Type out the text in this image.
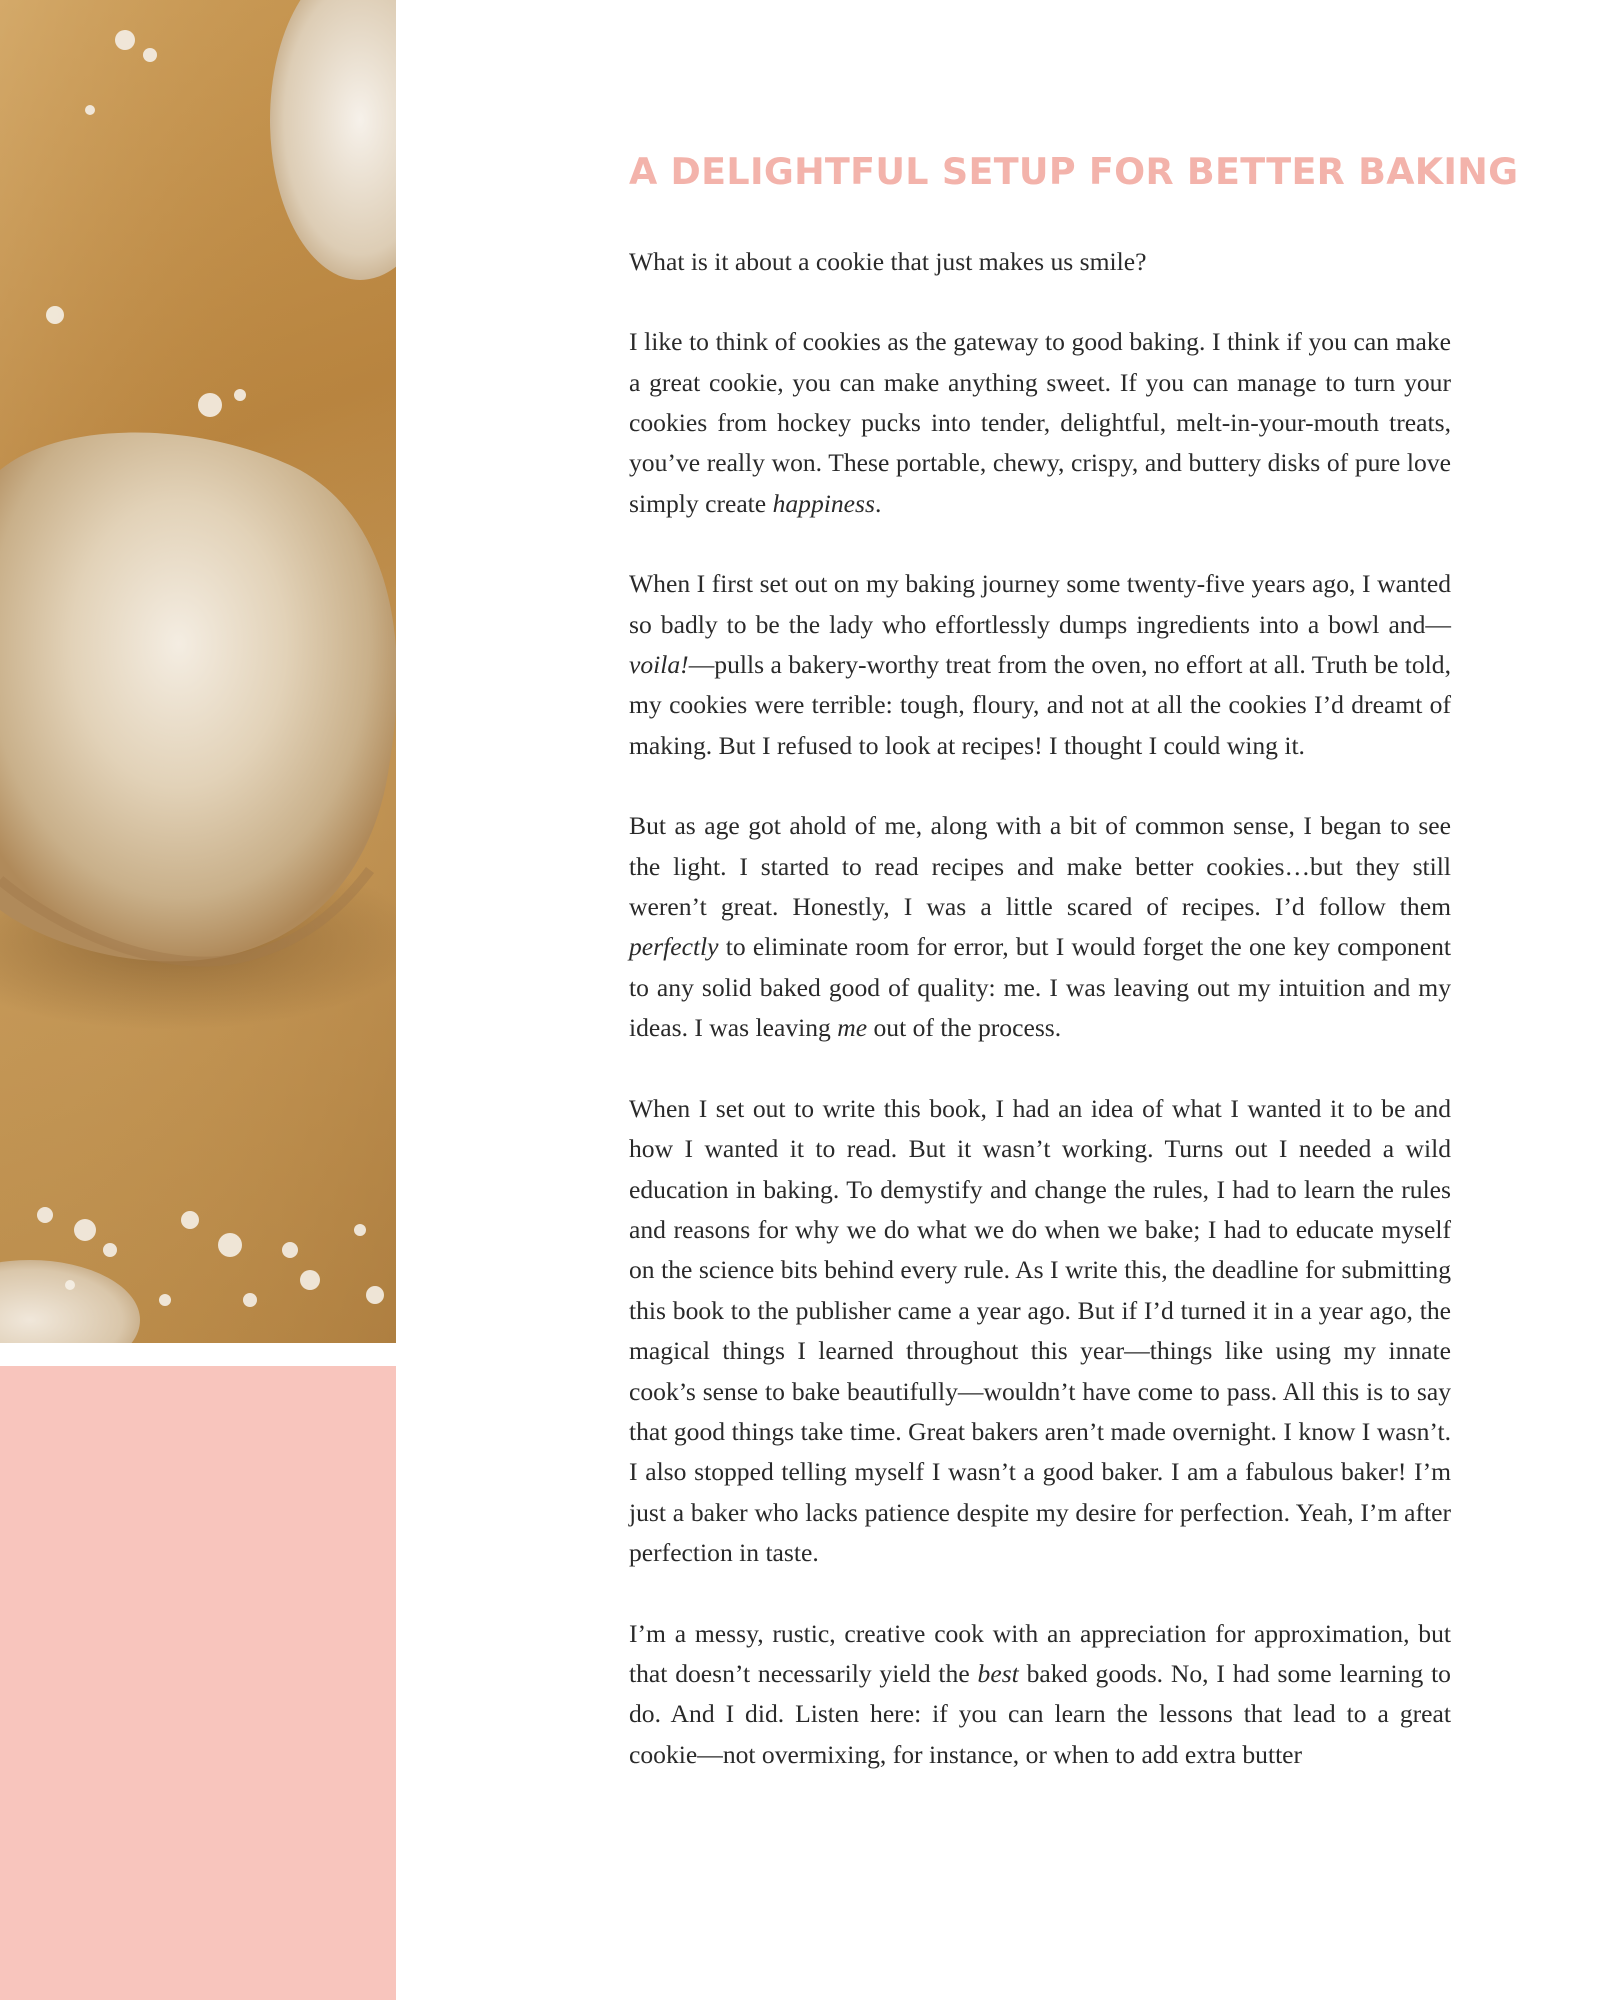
A DELIGHTFUL SETUP FOR BETTER BAKING

What is it about a cookie that just makes us smile?

I like to think of cookies as the gateway to good baking. I think if you can make a great cookie, you can make anything sweet. If you can manage to turn your cookies from hockey pucks into tender, delightful, melt-in-your-mouth treats, you’ve really won. These portable, chewy, crispy, and buttery disks of pure love simply create happiness.

When I first set out on my baking journey some twenty-five years ago, I wanted so badly to be the lady who effortlessly dumps ingredients into a bowl and—voila!—pulls a bakery-worthy treat from the oven, no effort at all. Truth be told, my cookies were terrible: tough, floury, and not at all the cookies I’d dreamt of making. But I refused to look at recipes! I thought I could wing it.

But as age got ahold of me, along with a bit of common sense, I began to see the light. I started to read recipes and make better cookies…but they still weren’t great. Honestly, I was a little scared of recipes. I’d follow them perfectly to eliminate room for error, but I would forget the one key component to any solid baked good of quality: me. I was leaving out my intuition and my ideas. I was leaving me out of the process.

When I set out to write this book, I had an idea of what I wanted it to be and how I wanted it to read. But it wasn’t working. Turns out I needed a wild education in baking. To demystify and change the rules, I had to learn the rules and reasons for why we do what we do when we bake; I had to educate myself on the science bits behind every rule. As I write this, the deadline for submitting this book to the publisher came a year ago. But if I’d turned it in a year ago, the magical things I learned throughout this year—things like using my innate cook’s sense to bake beautifully—wouldn’t have come to pass. All this is to say that good things take time. Great bakers aren’t made overnight. I know I wasn’t. I also stopped telling myself I wasn’t a good baker. I am a fabulous baker! I’m just a baker who lacks patience despite my desire for perfection. Yeah, I’m after perfection in taste.

I’m a messy, rustic, creative cook with an appreciation for approximation, but that doesn’t necessarily yield the best baked goods. No, I had some learning to do. And I did. Listen here: if you can learn the lessons that lead to a great cookie—not overmixing, for instance, or when to add extra butter
